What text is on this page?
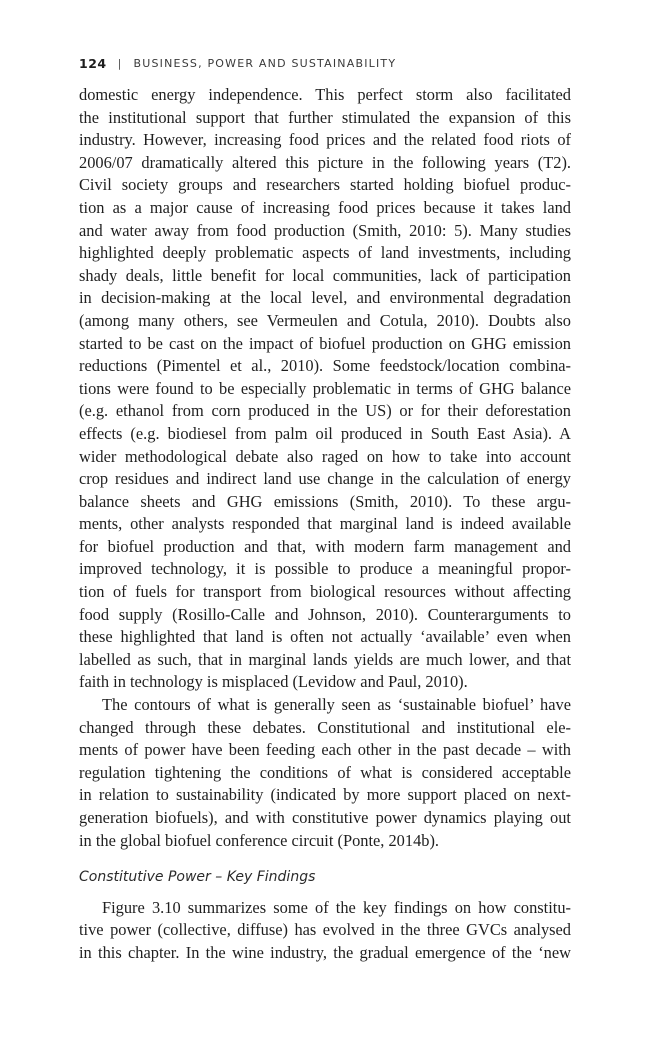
124 | BUSINESS, POWER AND SUSTAINABILITY
domestic energy independence. This perfect storm also facilitated
the institutional support that further stimulated the expansion of this
industry. However, increasing food prices and the related food riots of
2006/07 dramatically altered this picture in the following years (T2).
Civil society groups and researchers started holding biofuel produc-
tion as a major cause of increasing food prices because it takes land
and water away from food production (Smith, 2010: 5). Many studies
highlighted deeply problematic aspects of land investments, including
shady deals, little benefit for local communities, lack of participation
in decision-making at the local level, and environmental degradation
(among many others, see Vermeulen and Cotula, 2010). Doubts also
started to be cast on the impact of biofuel production on GHG emission
reductions (Pimentel et al., 2010). Some feedstock/location combina-
tions were found to be especially problematic in terms of GHG balance
(e.g. ethanol from corn produced in the US) or for their deforestation
effects (e.g. biodiesel from palm oil produced in South East Asia). A
wider methodological debate also raged on how to take into account
crop residues and indirect land use change in the calculation of energy
balance sheets and GHG emissions (Smith, 2010). To these argu-
ments, other analysts responded that marginal land is indeed available
for biofuel production and that, with modern farm management and
improved technology, it is possible to produce a meaningful propor-
tion of fuels for transport from biological resources without affecting
food supply (Rosillo-Calle and Johnson, 2010). Counterarguments to
these highlighted that land is often not actually ‘available’ even when
labelled as such, that in marginal lands yields are much lower, and that
faith in technology is misplaced (Levidow and Paul, 2010).
The contours of what is generally seen as ‘sustainable biofuel’ have
changed through these debates. Constitutional and institutional ele-
ments of power have been feeding each other in the past decade – with
regulation tightening the conditions of what is considered acceptable
in relation to sustainability (indicated by more support placed on next-
generation biofuels), and with constitutive power dynamics playing out
in the global biofuel conference circuit (Ponte, 2014b).
Constitutive Power – Key Findings
Figure 3.10 summarizes some of the key findings on how constitu-
tive power (collective, diffuse) has evolved in the three GVCs analysed
in this chapter. In the wine industry, the gradual emergence of the ‘new
